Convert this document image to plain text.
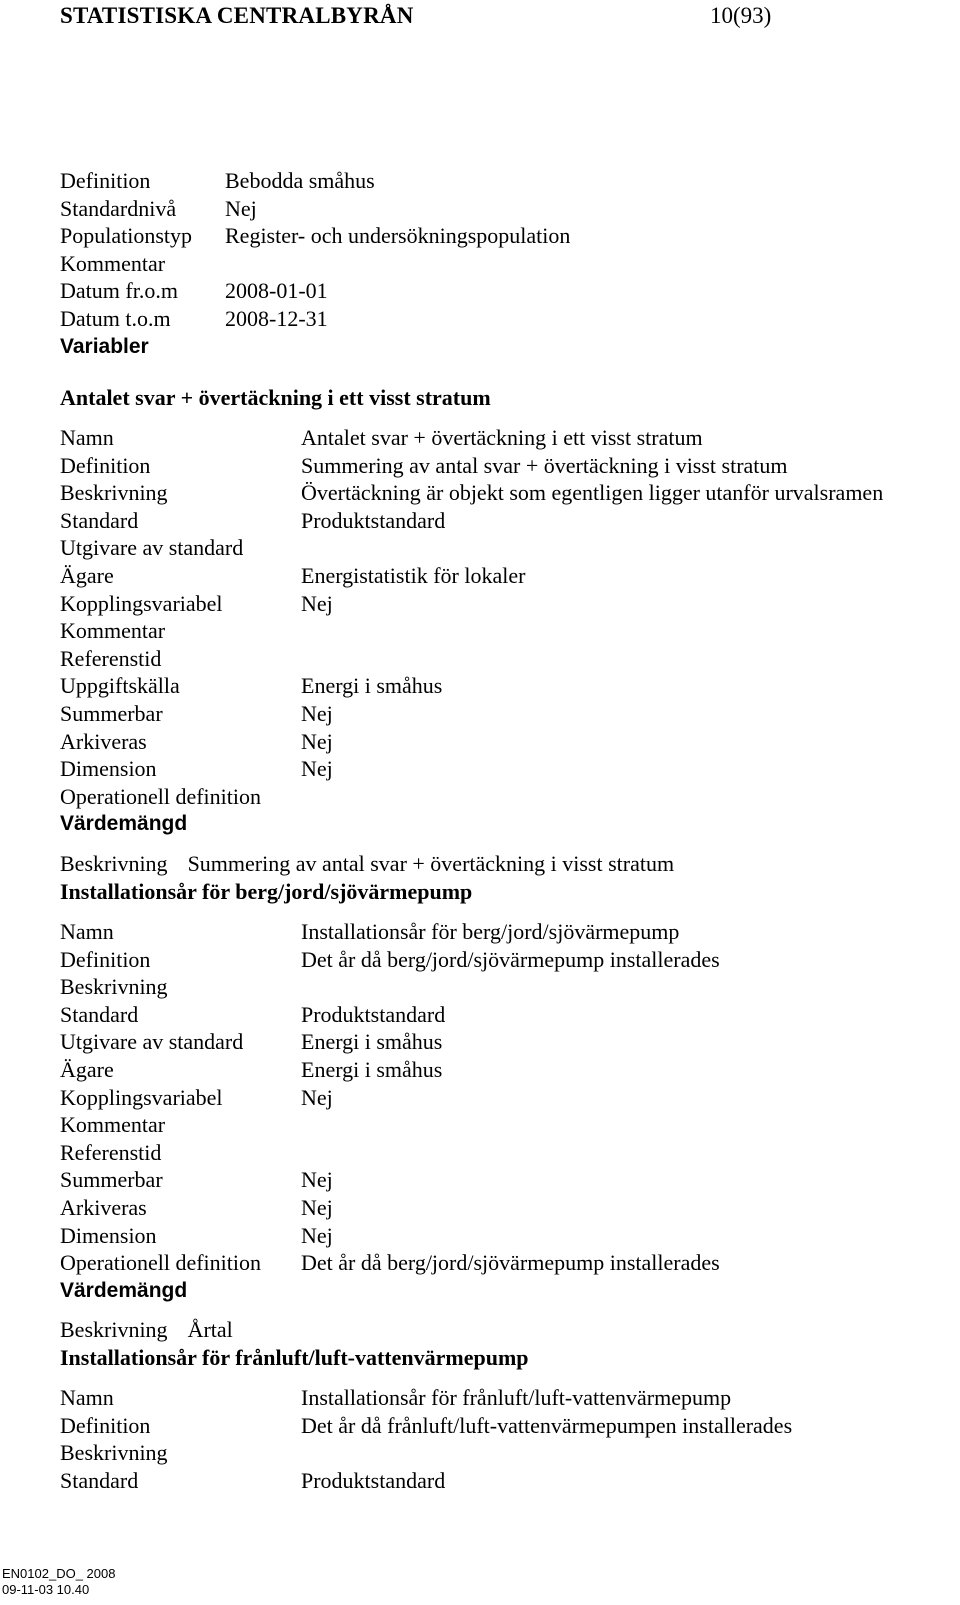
STATISTISKA CENTRALBYRÅN	10(93)
Definition	Bebodda småhus
Standardnivå Nej
Populationstyp Register- och undersökningspopulation
Kommentar
Datum fr.o.m 2008-01-01
Datum t.o.m 2008-12-31
Variabler
Antalet svar + övertäckning i ett visst stratum
Namn	Antalet svar + övertäckning i ett visst stratum
Definition	Summering av antal svar + övertäckning i visst stratum
Beskrivning	Övertäckning är objekt som egentligen ligger utanför urvalsramen
Standard	Produktstandard
Utgivare av standard
Ägare	Energistatistik för lokaler
Kopplingsvariabel	Nej
Kommentar
Referenstid
Uppgiftskälla	Energi i småhus
Summerbar	Nej
Arkiveras	Nej
Dimension	Nej
Operationell definition
Värdemängd
Beskrivning Summering av antal svar + övertäckning i visst stratum
Installationsår för berg/jord/sjövärmepump
Namn	Installationsår för berg/jord/sjövärmepump
Definition	Det år då berg/jord/sjövärmepump installerades
Beskrivning
Standard	Produktstandard
Utgivare av standard	Energi i småhus
Ägare	Energi i småhus
Kopplingsvariabel	Nej
Kommentar
Referenstid
Summerbar	Nej
Arkiveras	Nej
Dimension	Nej
Operationell definition Det år då berg/jord/sjövärmepump installerades
Värdemängd
Beskrivning Årtal
Installationsår för frånluft/luft-vattenvärmepump
Namn	Installationsår för frånluft/luft-vattenvärmepump
Definition	Det år då frånluft/luft-vattenvärmepumpen installerades
Beskrivning
Standard	Produktstandard
EN0102_DO_ 2008
09-11-03 10.40
